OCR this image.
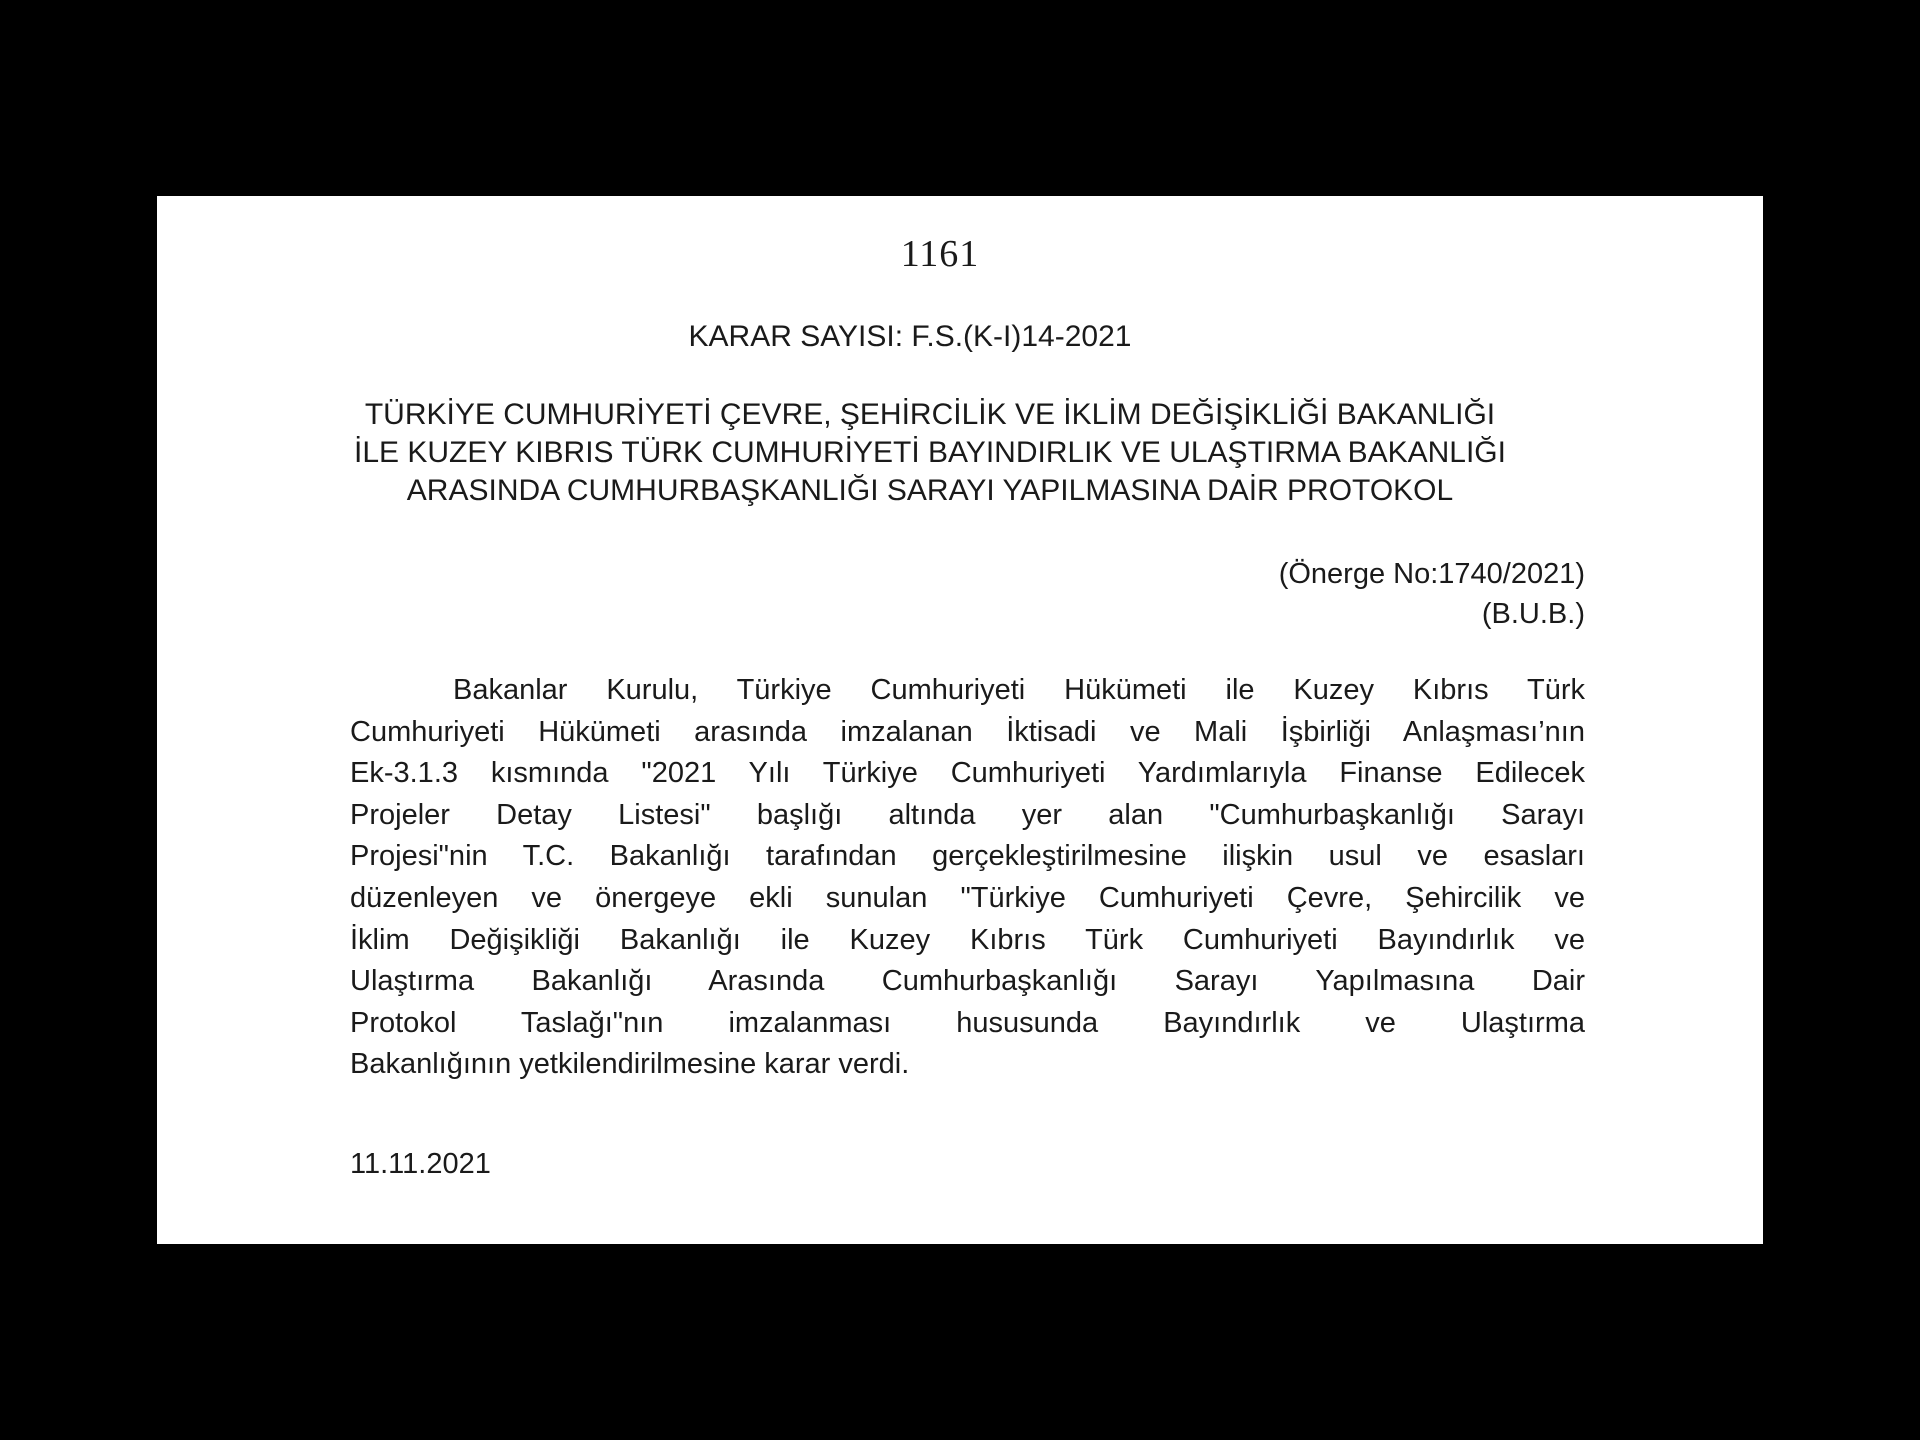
1161
KARAR SAYISI: F.S.(K-I)14-2021
TÜRKİYE CUMHURİYETİ ÇEVRE, ŞEHİRCİLİK VE İKLİM DEĞİŞİKLİĞİ BAKANLIĞI
İLE KUZEY KIBRIS TÜRK CUMHURİYETİ BAYINDIRLIK VE ULAŞTIRMA BAKANLIĞI
ARASINDA CUMHURBAŞKANLIĞI SARAYI YAPILMASINA DAİR PROTOKOL
(Önerge No:1740/2021)
(B.U.B.)
Bakanlar Kurulu, Türkiye Cumhuriyeti Hükümeti ile Kuzey Kıbrıs Türk
Cumhuriyeti Hükümeti arasında imzalanan İktisadi ve Mali İşbirliği Anlaşması’nın
Ek-3.1.3 kısmında "2021 Yılı Türkiye Cumhuriyeti Yardımlarıyla Finanse Edilecek
Projeler Detay Listesi" başlığı altında yer alan "Cumhurbaşkanlığı Sarayı
Projesi"nin T.C. Bakanlığı tarafından gerçekleştirilmesine ilişkin usul ve esasları
düzenleyen ve önergeye ekli sunulan "Türkiye Cumhuriyeti Çevre, Şehircilik ve
İklim Değişikliği Bakanlığı ile Kuzey Kıbrıs Türk Cumhuriyeti Bayındırlık ve
Ulaştırma Bakanlığı Arasında Cumhurbaşkanlığı Sarayı Yapılmasına Dair
Protokol Taslağı"nın imzalanması hususunda Bayındırlık ve Ulaştırma
Bakanlığının yetkilendirilmesine karar verdi.
11.11.2021
